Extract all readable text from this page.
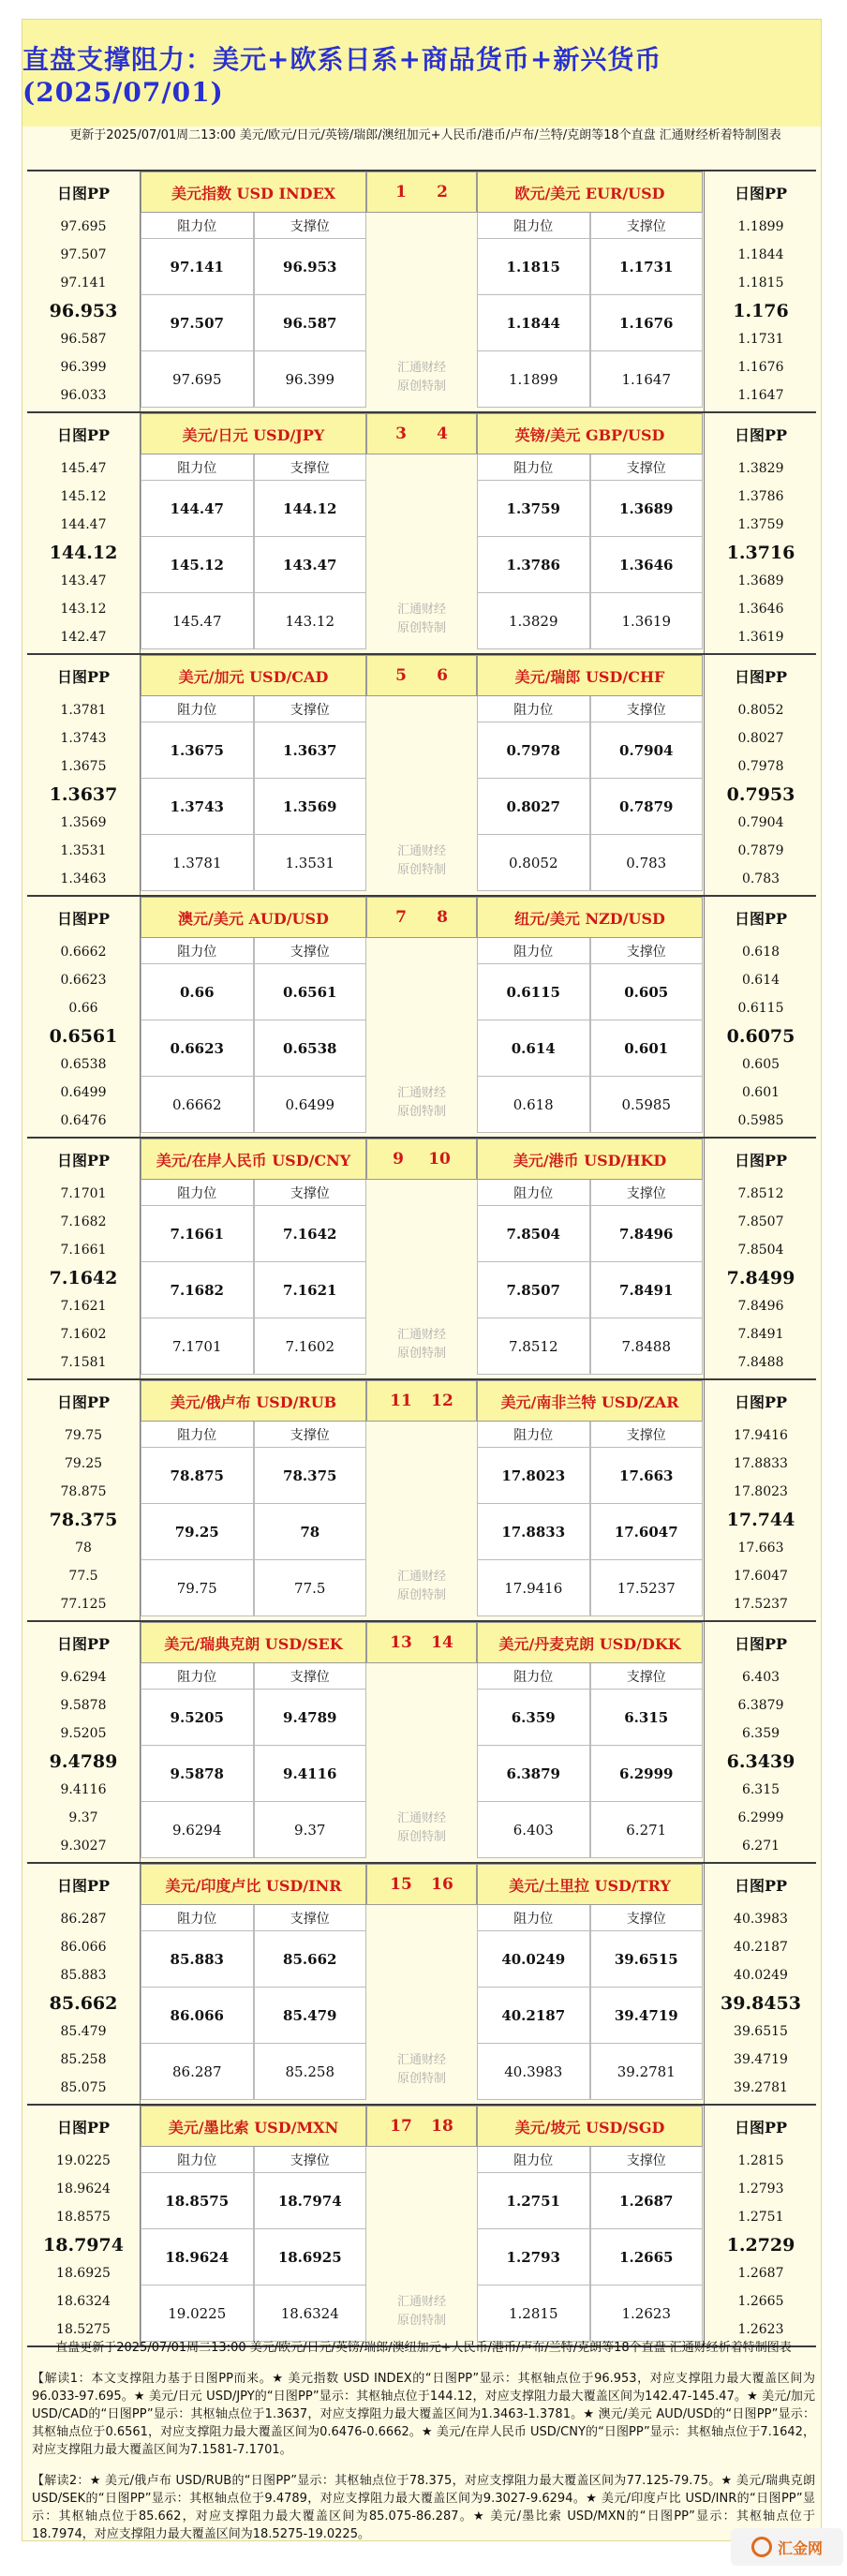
直盘支撑阻力：美元+欧系日系+商品货币+新兴货币(2025/07/01)
更新于2025/07/01周二13:00 美元/欧元/日元/英镑/瑞郎/澳纽加元+人民币/港币/卢布/兰特/克朗等18个直盘 汇通财经析着特制图表
日图PP
97.695
97.507
97.141
96.953
96.587
96.399
96.033
美元指数 USD INDEX
阻力位	支撑位
97.141	96.953
97.507	96.587
97.695	96.399
日图PP
1.1899
1.1844
1.1815
1.176
1.1731
1.1676
1.1647
欧元/美元 EUR/USD
阻力位	支撑位
1.1815	1.1731
1.1844	1.1676
1.1899	1.1647
1 2
汇通财经
原创特制
日图PP
145.47
145.12
144.47
144.12
143.47
143.12
142.47
美元/日元 USD/JPY
阻力位	支撑位
144.47	144.12
145.12	143.47
145.47	143.12
日图PP
1.3829
1.3786
1.3759
1.3716
1.3689
1.3646
1.3619
英镑/美元 GBP/USD
阻力位	支撑位
1.3759	1.3689
1.3786	1.3646
1.3829	1.3619
3 4
汇通财经
原创特制
日图PP
1.3781
1.3743
1.3675
1.3637
1.3569
1.3531
1.3463
美元/加元 USD/CAD
阻力位	支撑位
1.3675	1.3637
1.3743	1.3569
1.3781	1.3531
日图PP
0.8052
0.8027
0.7978
0.7953
0.7904
0.7879
0.783
美元/瑞郎 USD/CHF
阻力位	支撑位
0.7978	0.7904
0.8027	0.7879
0.8052	0.783
5 6
汇通财经
原创特制
日图PP
0.6662
0.6623
0.66
0.6561
0.6538
0.6499
0.6476
澳元/美元 AUD/USD
阻力位	支撑位
0.66	0.6561
0.6623	0.6538
0.6662	0.6499
日图PP
0.618
0.614
0.6115
0.6075
0.605
0.601
0.5985
纽元/美元 NZD/USD
阻力位	支撑位
0.6115	0.605
0.614	0.601
0.618	0.5985
7 8
汇通财经
原创特制
日图PP
7.1701
7.1682
7.1661
7.1642
7.1621
7.1602
7.1581
美元/在岸人民币 USD/CNY
阻力位	支撑位
7.1661	7.1642
7.1682	7.1621
7.1701	7.1602
日图PP
7.8512
7.8507
7.8504
7.8499
7.8496
7.8491
7.8488
美元/港币 USD/HKD
阻力位	支撑位
7.8504	7.8496
7.8507	7.8491
7.8512	7.8488
9 10
汇通财经
原创特制
日图PP
79.75
79.25
78.875
78.375
78
77.5
77.125
美元/俄卢布 USD/RUB
阻力位	支撑位
78.875	78.375
79.25	78
79.75	77.5
日图PP
17.9416
17.8833
17.8023
17.744
17.663
17.6047
17.5237
美元/南非兰特 USD/ZAR
阻力位	支撑位
17.8023	17.663
17.8833	17.6047
17.9416	17.5237
11 12
汇通财经
原创特制
日图PP
9.6294
9.5878
9.5205
9.4789
9.4116
9.37
9.3027
美元/瑞典克朗 USD/SEK
阻力位	支撑位
9.5205	9.4789
9.5878	9.4116
9.6294	9.37
日图PP
6.403
6.3879
6.359
6.3439
6.315
6.2999
6.271
美元/丹麦克朗 USD/DKK
阻力位	支撑位
6.359	6.315
6.3879	6.2999
6.403	6.271
13 14
汇通财经
原创特制
日图PP
86.287
86.066
85.883
85.662
85.479
85.258
85.075
美元/印度卢比 USD/INR
阻力位	支撑位
85.883	85.662
86.066	85.479
86.287	85.258
日图PP
40.3983
40.2187
40.0249
39.8453
39.6515
39.4719
39.2781
美元/土里拉 USD/TRY
阻力位	支撑位
40.0249	39.6515
40.2187	39.4719
40.3983	39.2781
15 16
汇通财经
原创特制
日图PP
19.0225
18.9624
18.8575
18.7974
18.6925
18.6324
18.5275
美元/墨比索 USD/MXN
阻力位	支撑位
18.8575	18.7974
18.9624	18.6925
19.0225	18.6324
日图PP
1.2815
1.2793
1.2751
1.2729
1.2687
1.2665
1.2623
美元/坡元 USD/SGD
阻力位	支撑位
1.2751	1.2687
1.2793	1.2665
1.2815	1.2623
17 18
汇通财经
原创特制
直盘更新于2025/07/01周二13:00 美元/欧元/日元/英镑/瑞郎/澳纽加元+人民币/港币/卢布/兰特/克朗等18个直盘 汇通财经析着特制图表
【解读1：本文支撑阻力基于日图PP而来。★ 美元指数 USD INDEX的“日图PP”显示：其枢轴点位于96.953，对应支撑阻力最大覆盖区间为96.033-97.695。★ 美元/日元 USD/JPY的“日图PP”显示：其枢轴点位于144.12，对应支撑阻力最大覆盖区间为142.47-145.47。★ 美元/加元 USD/CAD的“日图PP”显示：其枢轴点位于1.3637，对应支撑阻力最大覆盖区间为1.3463-1.3781。★ 澳元/美元 AUD/USD的“日图PP”显示：其枢轴点位于0.6561，对应支撑阻力最大覆盖区间为0.6476-0.6662。★ 美元/在岸人民币 USD/CNY的“日图PP”显示：其枢轴点位于7.1642，对应支撑阻力最大覆盖区间为7.1581-7.1701。
【解读2：★ 美元/俄卢布 USD/RUB的“日图PP”显示：其枢轴点位于78.375，对应支撑阻力最大覆盖区间为77.125-79.75。★ 美元/瑞典克朗 USD/SEK的“日图PP”显示：其枢轴点位于9.4789，对应支撑阻力最大覆盖区间为9.3027-9.6294。★ 美元/印度卢比 USD/INR的“日图PP”显示：其枢轴点位于85.662，对应支撑阻力最大覆盖区间为85.075-86.287。★ 美元/墨比索 USD/MXN的“日图PP”显示：其枢轴点位于18.7974，对应支撑阻力最大覆盖区间为18.5275-19.0225。
汇金网
